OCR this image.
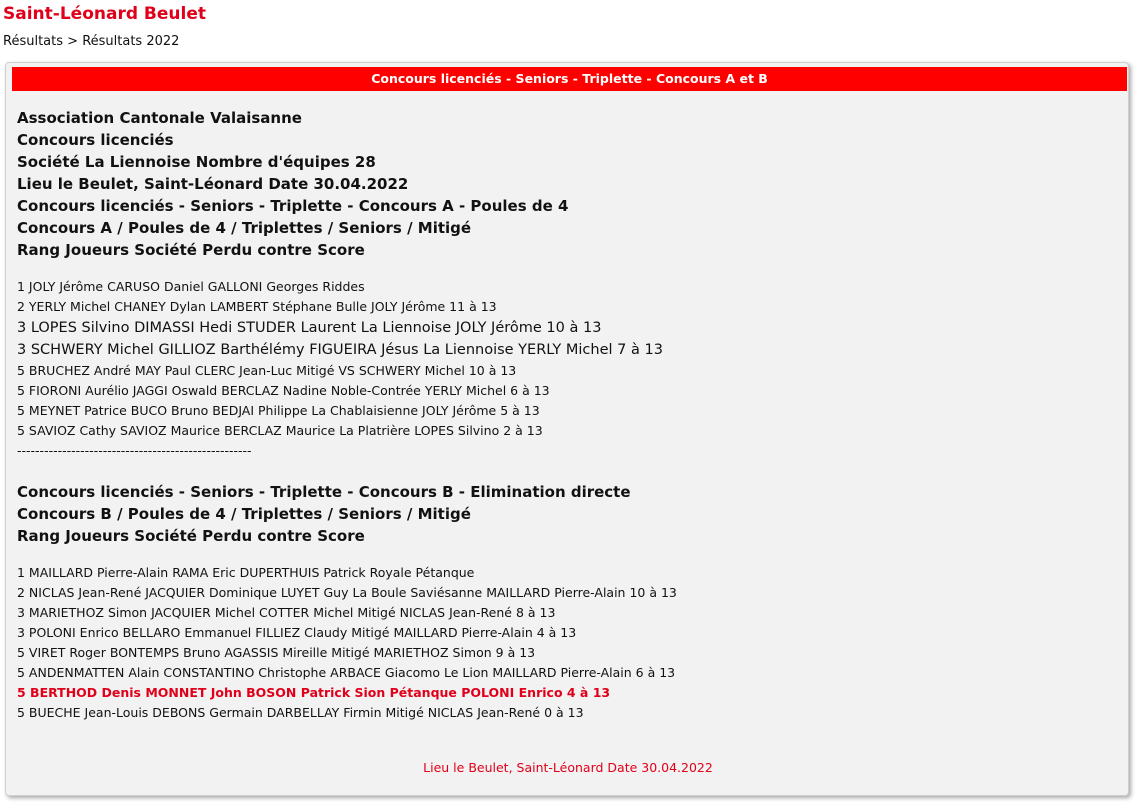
Saint-Léonard Beulet
Résultats > Résultats 2022
Concours licenciés - Seniors - Triplette - Concours A et B
Association Cantonale Valaisanne
Concours licenciés
Société La Liennoise Nombre d'équipes 28
Lieu le Beulet, Saint-Léonard Date 30.04.2022
Concours licenciés - Seniors - Triplette - Concours A - Poules de 4
Concours A / Poules de 4 / Triplettes / Seniors / Mitigé
Rang Joueurs Société Perdu contre Score
1 JOLY Jérôme CARUSO Daniel GALLONI Georges Riddes
2 YERLY Michel CHANEY Dylan LAMBERT Stéphane Bulle JOLY Jérôme 11 à 13
3 LOPES Silvino DIMASSI Hedi STUDER Laurent La Liennoise JOLY Jérôme 10 à 13
3 SCHWERY Michel GILLIOZ Barthélémy FIGUEIRA Jésus La Liennoise YERLY Michel 7 à 13
5 BRUCHEZ André MAY Paul CLERC Jean-Luc Mitigé VS SCHWERY Michel 10 à 13
5 FIORONI Aurélio JAGGI Oswald BERCLAZ Nadine Noble-Contrée YERLY Michel 6 à 13
5 MEYNET Patrice BUCO Bruno BEDJAI Philippe La Chablaisienne JOLY Jérôme 5 à 13
5 SAVIOZ Cathy SAVIOZ Maurice BERCLAZ Maurice La Platrière LOPES Silvino 2 à 13
----------------------------------------------------
Concours licenciés - Seniors - Triplette - Concours B - Elimination directe
Concours B / Poules de 4 / Triplettes / Seniors / Mitigé
Rang Joueurs Société Perdu contre Score
1 MAILLARD Pierre-Alain RAMA Eric DUPERTHUIS Patrick Royale Pétanque
2 NICLAS Jean-René JACQUIER Dominique LUYET Guy La Boule Saviésanne MAILLARD Pierre-Alain 10 à 13
3 MARIETHOZ Simon JACQUIER Michel COTTER Michel Mitigé NICLAS Jean-René 8 à 13
3 POLONI Enrico BELLARO Emmanuel FILLIEZ Claudy Mitigé MAILLARD Pierre-Alain 4 à 13
5 VIRET Roger BONTEMPS Bruno AGASSIS Mireille Mitigé MARIETHOZ Simon 9 à 13
5 ANDENMATTEN Alain CONSTANTINO Christophe ARBACE Giacomo Le Lion MAILLARD Pierre-Alain 6 à 13
5 BERTHOD Denis MONNET John BOSON Patrick Sion Pétanque POLONI Enrico 4 à 13
5 BUECHE Jean-Louis DEBONS Germain DARBELLAY Firmin Mitigé NICLAS Jean-René 0 à 13
Lieu le Beulet, Saint-Léonard Date 30.04.2022
